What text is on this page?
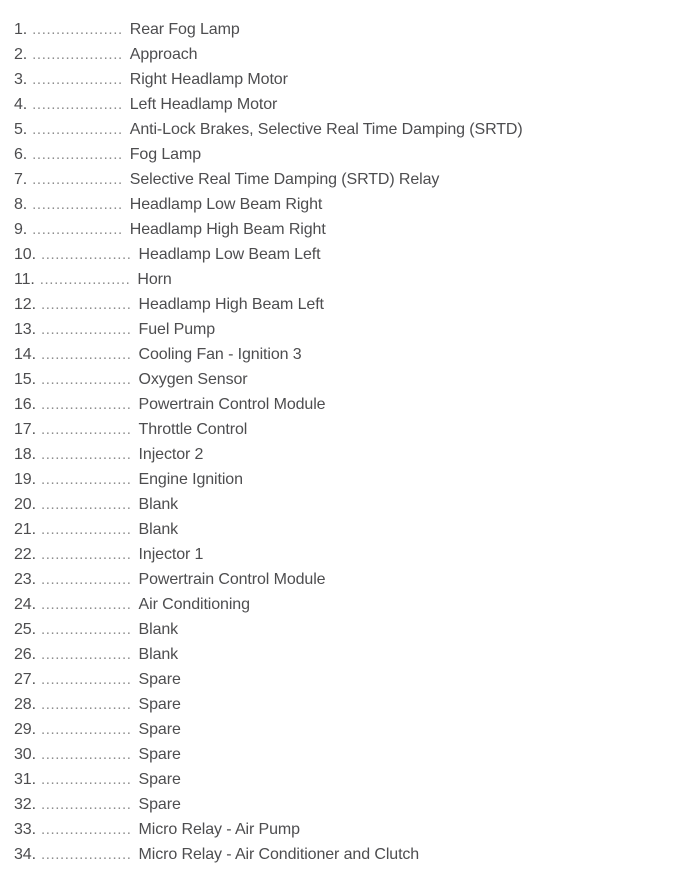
1. ................... Rear Fog Lamp
2. ................... Approach
3. ................... Right Headlamp Motor
4. ................... Left Headlamp Motor
5. ................... Anti-Lock Brakes, Selective Real Time Damping (SRTD)
6. ................... Fog Lamp
7. ................... Selective Real Time Damping (SRTD) Relay
8. ................... Headlamp Low Beam Right
9. ................... Headlamp High Beam Right
10. ................... Headlamp Low Beam Left
11. ................... Horn
12. ................... Headlamp High Beam Left
13. ................... Fuel Pump
14. ................... Cooling Fan - Ignition 3
15. ................... Oxygen Sensor
16. ................... Powertrain Control Module
17. ................... Throttle Control
18. ................... Injector 2
19. ................... Engine Ignition
20. ................... Blank
21. ................... Blank
22. ................... Injector 1
23. ................... Powertrain Control Module
24. ................... Air Conditioning
25. ................... Blank
26. ................... Blank
27. ................... Spare
28. ................... Spare
29. ................... Spare
30. ................... Spare
31. ................... Spare
32. ................... Spare
33. ................... Micro Relay - Air Pump
34. ................... Micro Relay - Air Conditioner and Clutch
